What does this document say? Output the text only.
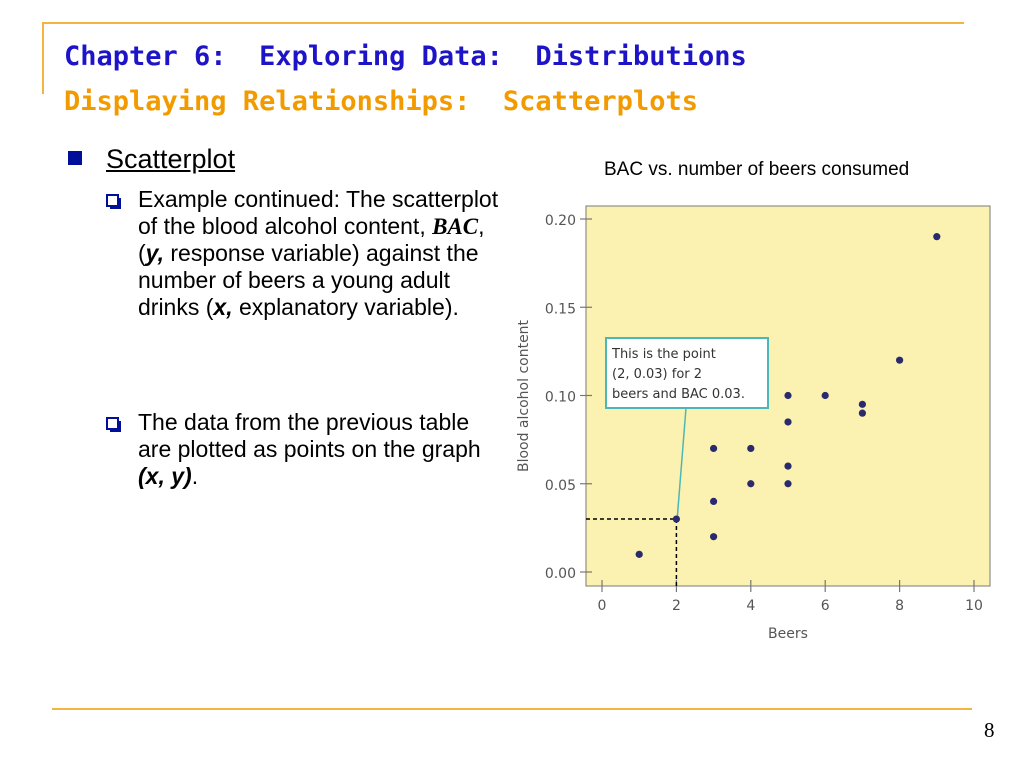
Chapter 6:  Exploring Data:  Distributions
Displaying Relationships:  Scatterplots
Scatterplot
Example continued: The scatterplot of the blood alcohol content, BAC, (y, response variable) against the number of beers a young adult drinks (x, explanatory variable).
The data from the previous table are plotted as points on the graph (x, y).
BAC vs. number of beers consumed
0.00
0.05
0.10
0.15
0.20
0	2	4	6	8	10
Beers
Blood alcohol content	This is the point
(2, 0.03) for 2
beers and BAC 0.03.
8
